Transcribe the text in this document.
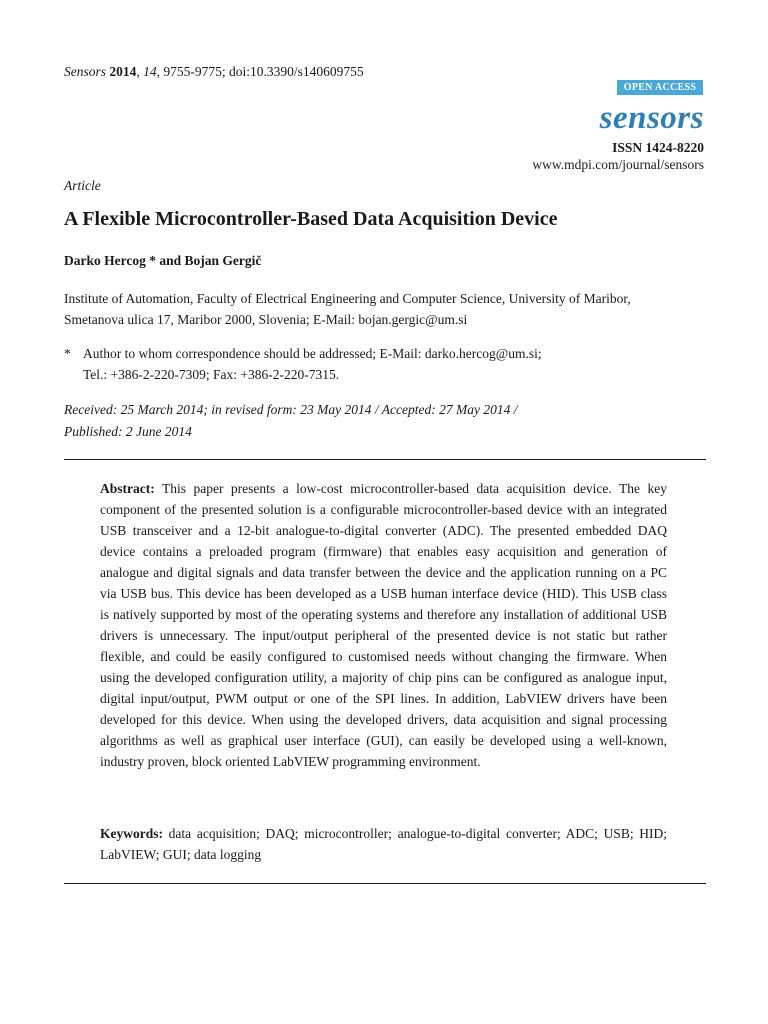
Sensors 2014, 14, 9755-9775; doi:10.3390/s140609755
OPEN ACCESS
sensors
ISSN 1424-8220
www.mdpi.com/journal/sensors
Article
A Flexible Microcontroller-Based Data Acquisition Device
Darko Hercog * and Bojan Gergič
Institute of Automation, Faculty of Electrical Engineering and Computer Science, University of Maribor, Smetanova ulica 17, Maribor 2000, Slovenia; E-Mail: bojan.gergic@um.si
* Author to whom correspondence should be addressed; E-Mail: darko.hercog@um.si;
Tel.: +386-2-220-7309; Fax: +386-2-220-7315.
Received: 25 March 2014; in revised form: 23 May 2014 / Accepted: 27 May 2014 /
Published: 2 June 2014
Abstract: This paper presents a low-cost microcontroller-based data acquisition device. The key component of the presented solution is a configurable microcontroller-based device with an integrated USB transceiver and a 12-bit analogue-to-digital converter (ADC). The presented embedded DAQ device contains a preloaded program (firmware) that enables easy acquisition and generation of analogue and digital signals and data transfer between the device and the application running on a PC via USB bus. This device has been developed as a USB human interface device (HID). This USB class is natively supported by most of the operating systems and therefore any installation of additional USB drivers is unnecessary. The input/output peripheral of the presented device is not static but rather flexible, and could be easily configured to customised needs without changing the firmware. When using the developed configuration utility, a majority of chip pins can be configured as analogue input, digital input/output, PWM output or one of the SPI lines. In addition, LabVIEW drivers have been developed for this device. When using the developed drivers, data acquisition and signal processing algorithms as well as graphical user interface (GUI), can easily be developed using a well-known, industry proven, block oriented LabVIEW programming environment.
Keywords: data acquisition; DAQ; microcontroller; analogue-to-digital converter; ADC; USB; HID; LabVIEW; GUI; data logging
